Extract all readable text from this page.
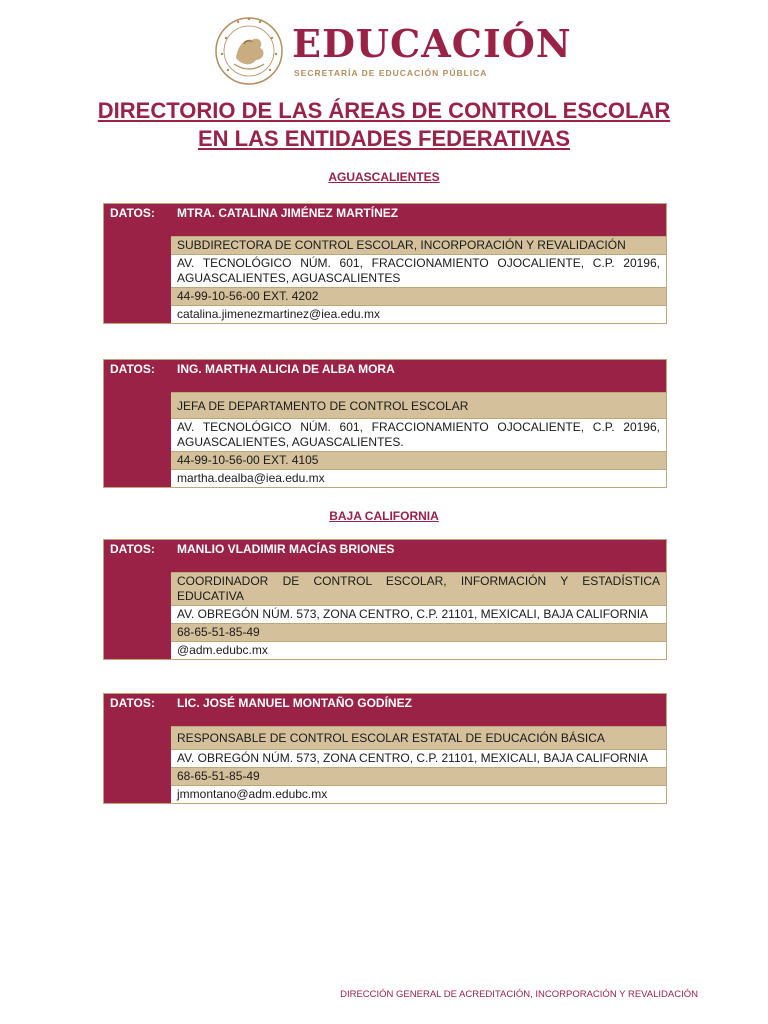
EDUCACIÓN
SECRETARÍA DE EDUCACIÓN PÚBLICA
DIRECTORIO DE LAS ÁREAS DE CONTROL ESCOLAR
EN LAS ENTIDADES FEDERATIVAS
AGUASCALIENTES
DATOS:	MTRA. CATALINA JIMÉNEZ MARTÍNEZ
SUBDIRECTORA DE CONTROL ESCOLAR, INCORPORACIÓN Y REVALIDACIÓN
AV. TECNOLÓGICO NÚM. 601, FRACCIONAMIENTO OJOCALIENTE, C.P. 20196, AGUASCALIENTES, AGUASCALIENTES
44-99-10-56-00 EXT. 4202
catalina.jimenezmartinez@iea.edu.mx
DATOS:	ING. MARTHA ALICIA DE ALBA MORA
JEFA DE DEPARTAMENTO DE CONTROL ESCOLAR
AV. TECNOLÓGICO NÚM. 601, FRACCIONAMIENTO OJOCALIENTE, C.P. 20196, AGUASCALIENTES, AGUASCALIENTES.
44-99-10-56-00 EXT. 4105
martha.dealba@iea.edu.mx
BAJA CALIFORNIA
DATOS:	MANLIO VLADIMIR MACÍAS BRIONES
COORDINADOR DE CONTROL ESCOLAR, INFORMACIÓN Y ESTADÍSTICA EDUCATIVA
AV. OBREGÓN NÚM. 573, ZONA CENTRO, C.P. 21101, MEXICALI, BAJA CALIFORNIA
68-65-51-85-49
@adm.edubc.mx
DATOS:	LIC. JOSÉ MANUEL MONTAÑO GODÍNEZ
RESPONSABLE DE CONTROL ESCOLAR ESTATAL DE EDUCACIÓN BÁSICA
AV. OBREGÓN NÚM. 573, ZONA CENTRO, C.P. 21101, MEXICALI, BAJA CALIFORNIA
68-65-51-85-49
jmmontano@adm.edubc.mx
DIRECCIÓN GENERAL DE ACREDITACIÓN, INCORPORACIÓN Y REVALIDACIÓN
